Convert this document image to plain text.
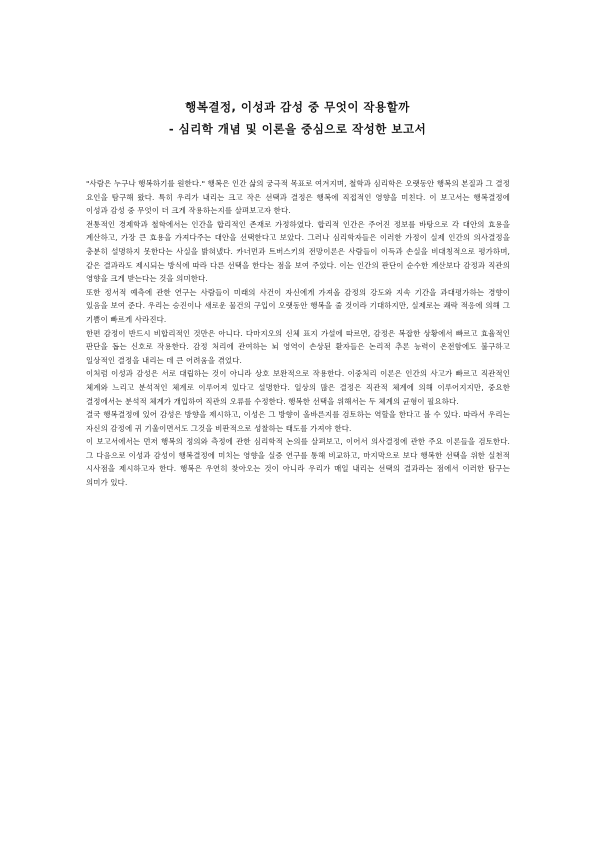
행복결정, 이성과 감성 중 무엇이 작용할까
- 심리학 개념 및 이론을 중심으로 작성한 보고서

"사람은 누구나 행복하기를 원한다." 행복은 인간 삶의 궁극적 목표로 여겨지며, 철학과 심리학은 오랫동안 행복의 본질과 그 결정 요인을 탐구해 왔다. 특히 우리가 내리는 크고 작은 선택과 결정은 행복에 직접적인 영향을 미친다. 이 보고서는 행복결정에 이성과 감성 중 무엇이 더 크게 작용하는지를 살펴보고자 한다.

전통적인 경제학과 철학에서는 인간을 합리적인 존재로 가정하였다. 합리적 인간은 주어진 정보를 바탕으로 각 대안의 효용을 계산하고, 가장 큰 효용을 가져다주는 대안을 선택한다고 보았다. 그러나 심리학자들은 이러한 가정이 실제 인간의 의사결정을 충분히 설명하지 못한다는 사실을 밝혀냈다. 카너먼과 트버스키의 전망이론은 사람들이 이득과 손실을 비대칭적으로 평가하며, 같은 결과라도 제시되는 방식에 따라 다른 선택을 한다는 점을 보여 주었다. 이는 인간의 판단이 순수한 계산보다 감정과 직관의 영향을 크게 받는다는 것을 의미한다.

또한 정서적 예측에 관한 연구는 사람들이 미래의 사건이 자신에게 가져올 감정의 강도와 지속 기간을 과대평가하는 경향이 있음을 보여 준다. 우리는 승진이나 새로운 물건의 구입이 오랫동안 행복을 줄 것이라 기대하지만, 실제로는 쾌락 적응에 의해 그 기쁨이 빠르게 사라진다.

한편 감정이 반드시 비합리적인 것만은 아니다. 다마지오의 신체 표지 가설에 따르면, 감정은 복잡한 상황에서 빠르고 효율적인 판단을 돕는 신호로 작용한다. 감정 처리에 관여하는 뇌 영역이 손상된 환자들은 논리적 추론 능력이 온전함에도 불구하고 일상적인 결정을 내리는 데 큰 어려움을 겪었다.

이처럼 이성과 감성은 서로 대립하는 것이 아니라 상호 보완적으로 작용한다. 이중처리 이론은 인간의 사고가 빠르고 직관적인 체계와 느리고 분석적인 체계로 이루어져 있다고 설명한다. 일상의 많은 결정은 직관적 체계에 의해 이루어지지만, 중요한 결정에서는 분석적 체계가 개입하여 직관의 오류를 수정한다. 행복한 선택을 위해서는 두 체계의 균형이 필요하다.

결국 행복결정에 있어 감성은 방향을 제시하고, 이성은 그 방향이 올바른지를 검토하는 역할을 한다고 볼 수 있다. 따라서 우리는 자신의 감정에 귀 기울이면서도 그것을 비판적으로 성찰하는 태도를 가져야 한다.

이 보고서에서는 먼저 행복의 정의와 측정에 관한 심리학적 논의를 살펴보고, 이어서 의사결정에 관한 주요 이론들을 검토한다. 그 다음으로 이성과 감성이 행복결정에 미치는 영향을 실증 연구를 통해 비교하고, 마지막으로 보다 행복한 선택을 위한 실천적 시사점을 제시하고자 한다. 행복은 우연히 찾아오는 것이 아니라 우리가 매일 내리는 선택의 결과라는 점에서 이러한 탐구는 의미가 있다.
